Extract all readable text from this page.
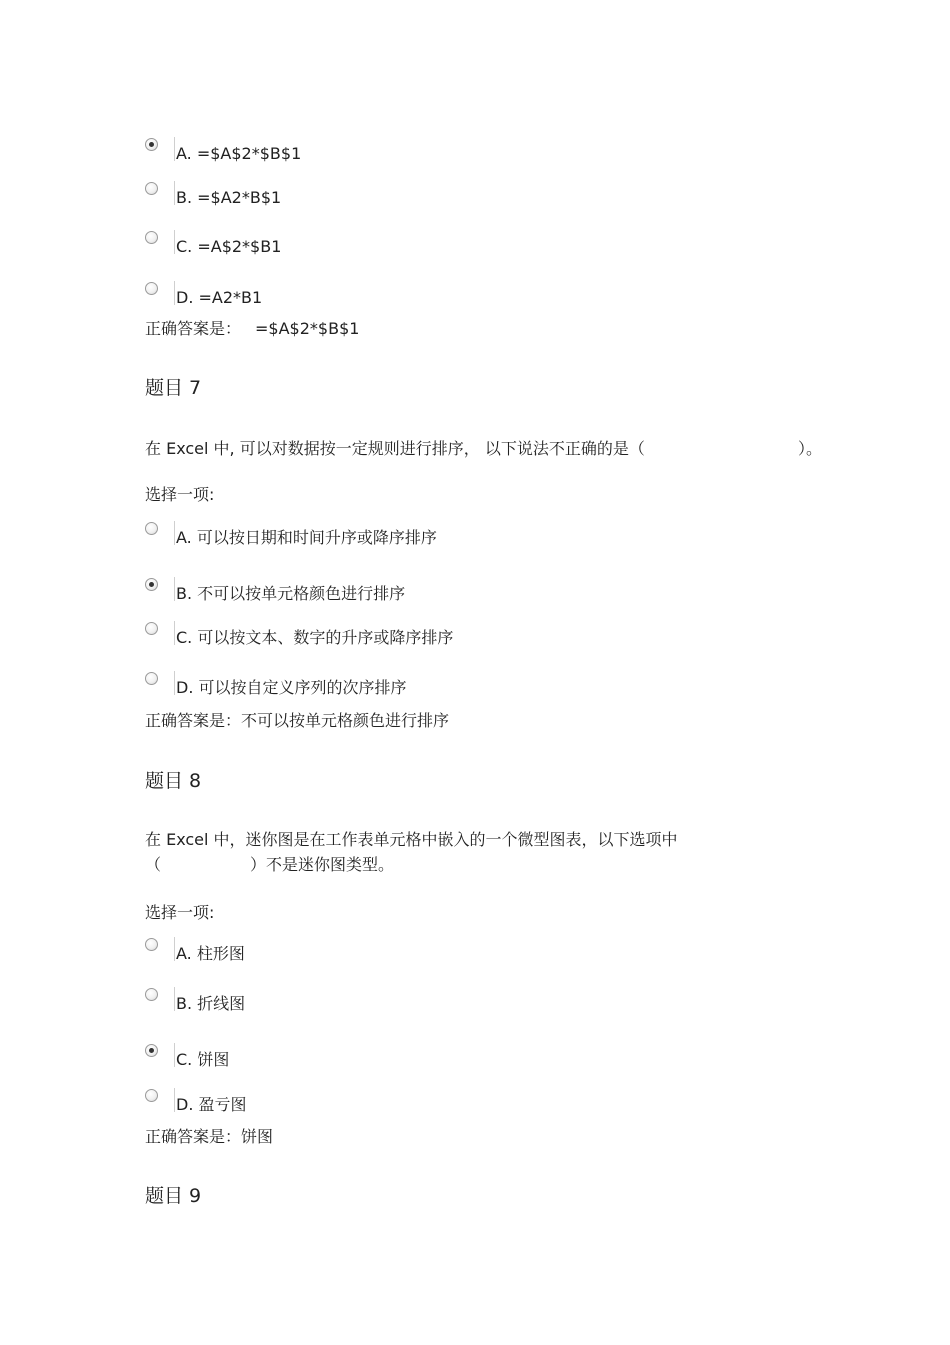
A. =$A$2*$B$1
B. =$A2*B$1
C. =A$2*$B1
D. =A2*B1
正确答案是： =$A$2*$B$1
题目 7
在 Excel 中, 可以对数据按一定规则进行排序， 以下说法不正确的是（	）。
选择一项:
A. 可以按日期和时间升序或降序排序
B. 不可以按单元格颜色进行排序
C. 可以按文本、数字的升序或降序排序
D. 可以按自定义序列的次序排序
正确答案是：不可以按单元格颜色进行排序
题目 8
在 Excel 中，迷你图是在工作表单元格中嵌入的一个微型图表，以下选项中
（	）不是迷你图类型。
选择一项:
A. 柱形图
B. 折线图
C. 饼图
D. 盈亏图
正确答案是：饼图
题目 9
